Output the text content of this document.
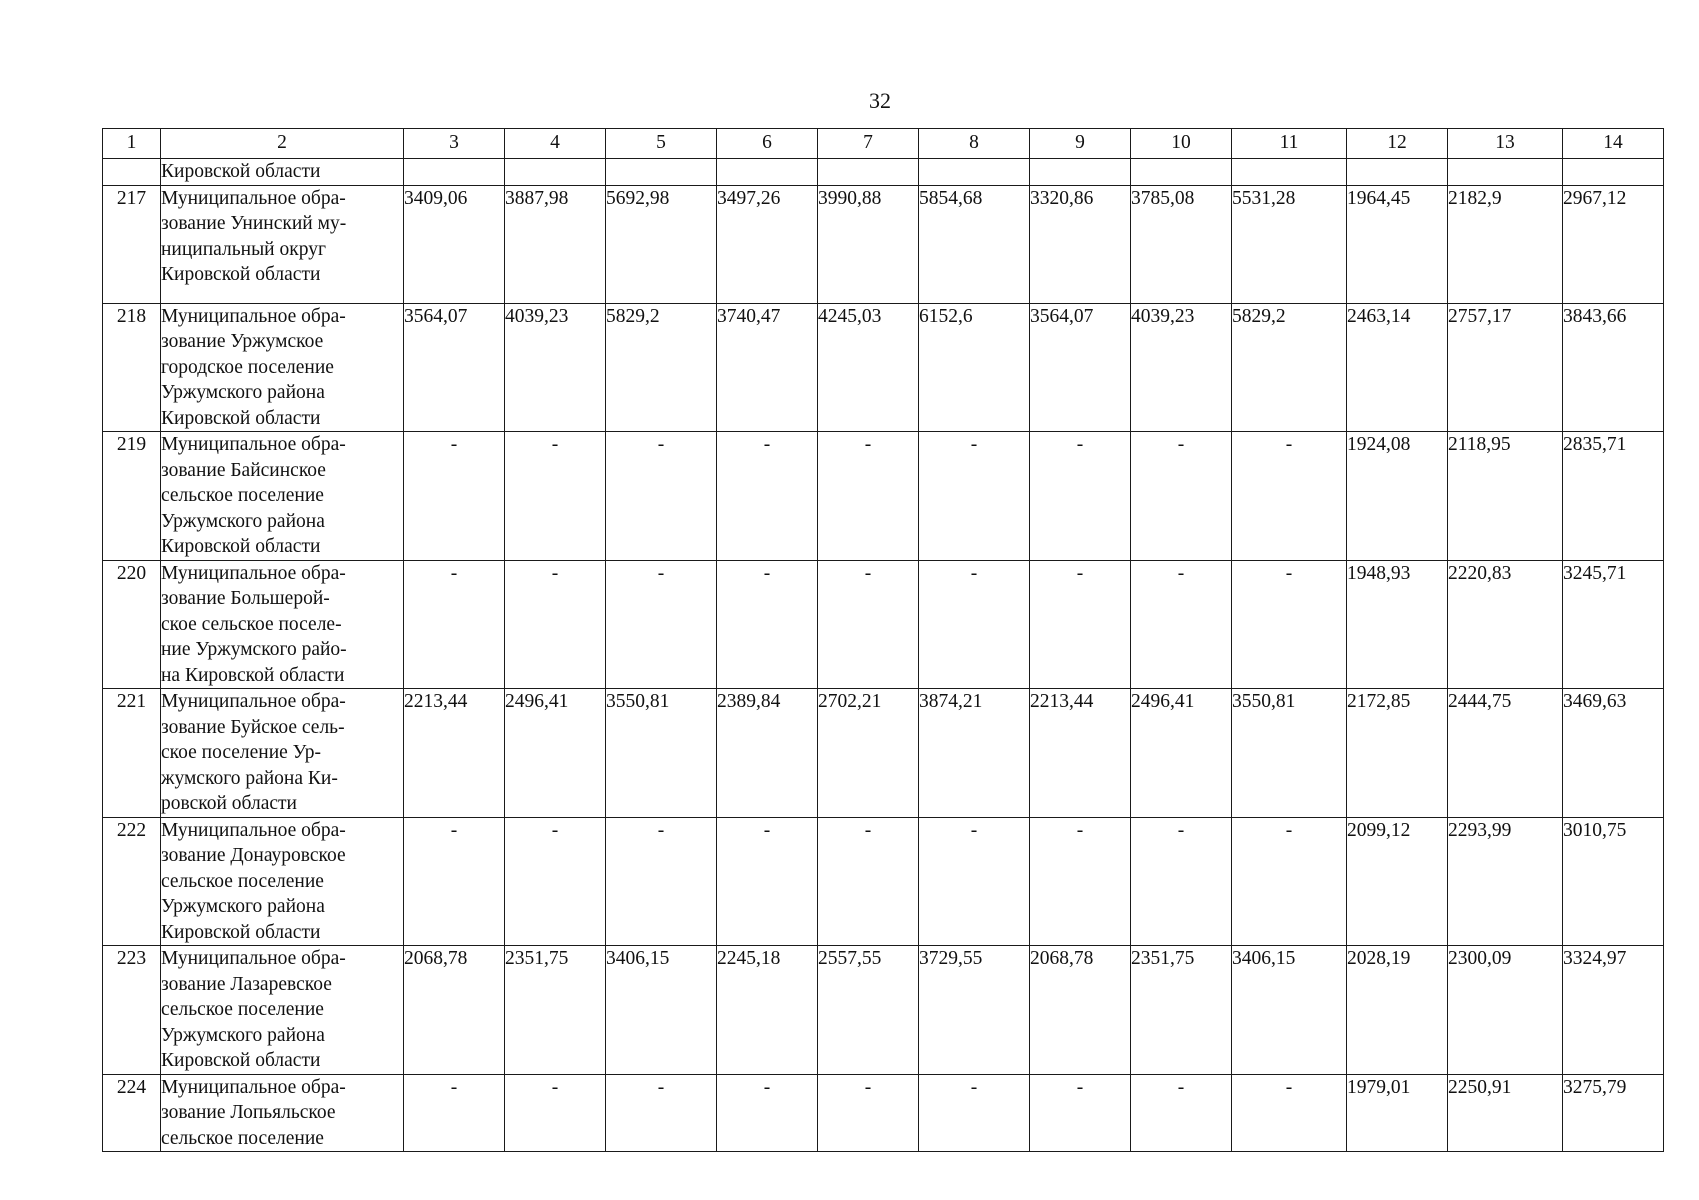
32
1	2	3	4	5	6	7	8	9	10	11	12	13	14
	Кировской области												
217	Муниципальное обра-
зование Унинский му-
ниципальный округ
Кировской области	3409,06	3887,98	5692,98	3497,26	3990,88	5854,68	3320,86	3785,08	5531,28	1964,45	2182,9	2967,12
218	Муниципальное обра-
зование Уржумское
городское поселение
Уржумского района
Кировской области	3564,07	4039,23	5829,2	3740,47	4245,03	6152,6	3564,07	4039,23	5829,2	2463,14	2757,17	3843,66
219	Муниципальное обра-
зование Байсинское
сельское поселение
Уржумского района
Кировской области	-	-	-	-	-	-	-	-	-	1924,08	2118,95	2835,71
220	Муниципальное обра-
зование Большерой-
ское сельское поселе-
ние Уржумского райо-
на Кировской области	-	-	-	-	-	-	-	-	-	1948,93	2220,83	3245,71
221	Муниципальное обра-
зование Буйское сель-
ское поселение Ур-
жумского района Ки-
ровской области	2213,44	2496,41	3550,81	2389,84	2702,21	3874,21	2213,44	2496,41	3550,81	2172,85	2444,75	3469,63
222	Муниципальное обра-
зование Донауровское
сельское поселение
Уржумского района
Кировской области	-	-	-	-	-	-	-	-	-	2099,12	2293,99	3010,75
223	Муниципальное обра-
зование Лазаревское
сельское поселение
Уржумского района
Кировской области	2068,78	2351,75	3406,15	2245,18	2557,55	3729,55	2068,78	2351,75	3406,15	2028,19	2300,09	3324,97
224	Муниципальное обра-
зование Лопьяльское
сельское поселение	-	-	-	-	-	-	-	-	-	1979,01	2250,91	3275,79
